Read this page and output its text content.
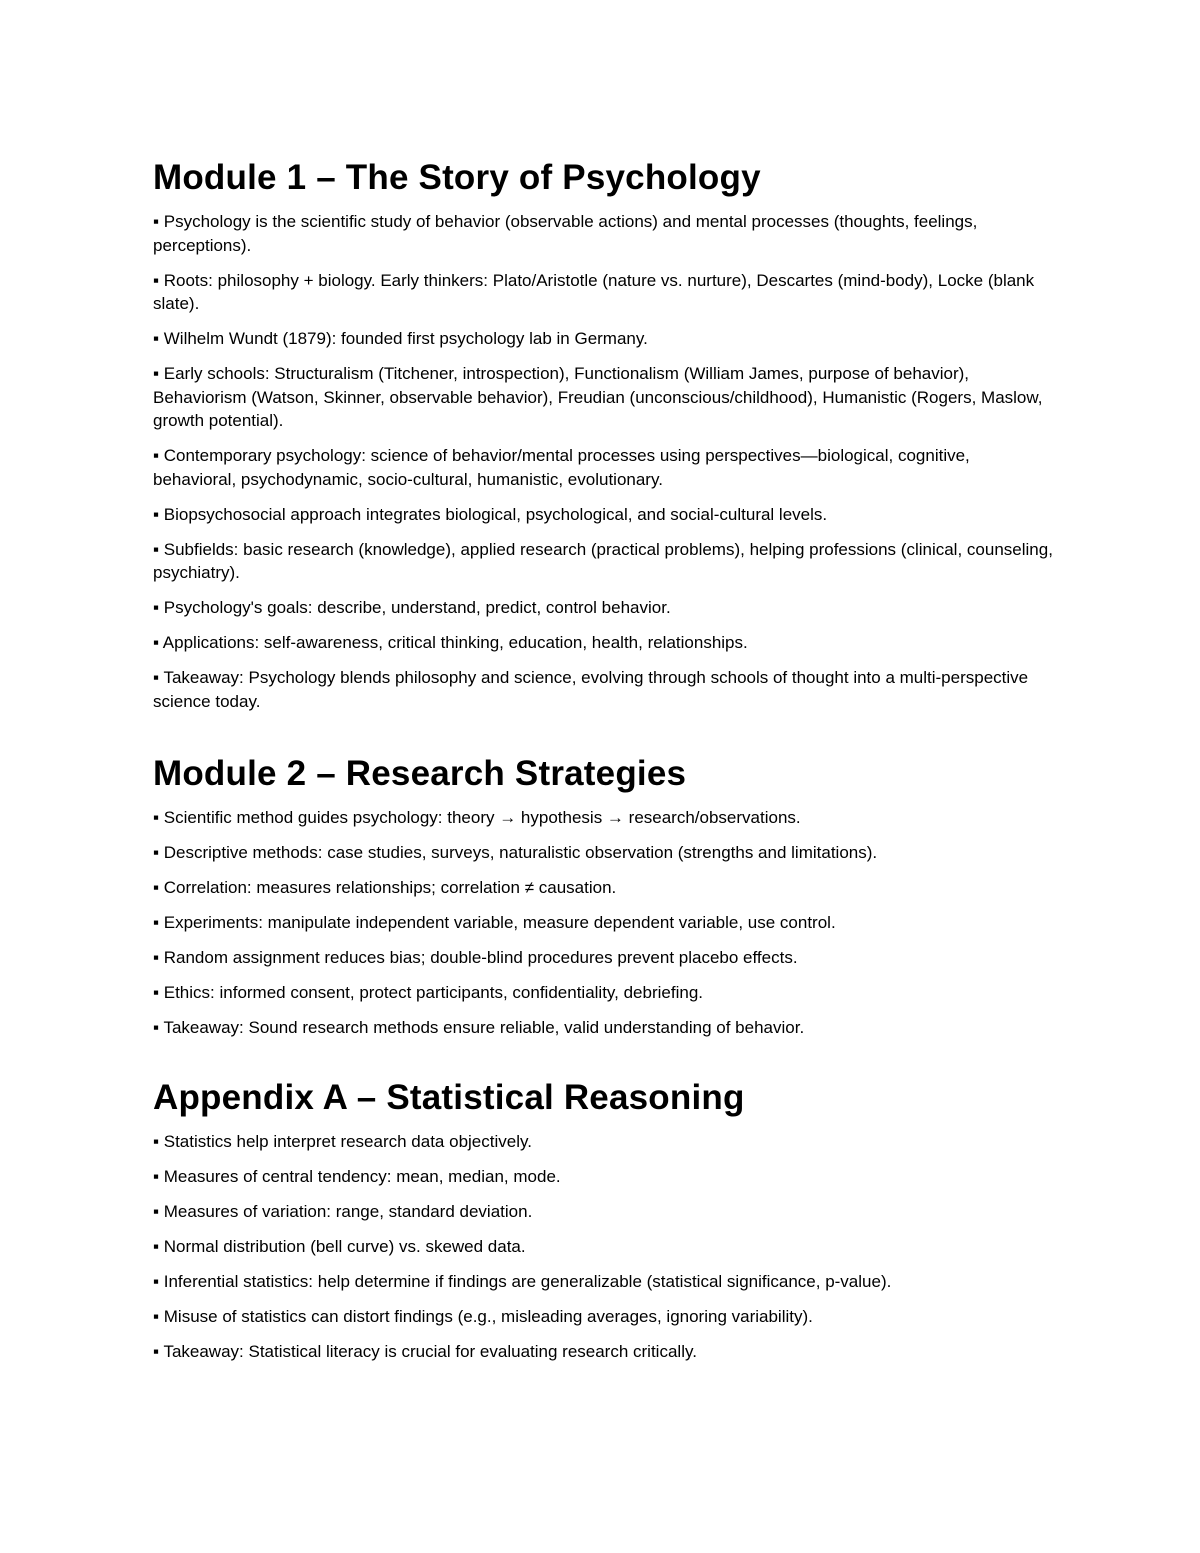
Module 1 – The Story of Psychology
▪ Psychology is the scientific study of behavior (observable actions) and mental processes (thoughts, feelings, perceptions).
▪ Roots: philosophy + biology. Early thinkers: Plato/Aristotle (nature vs. nurture), Descartes (mind-body), Locke (blank slate).
▪ Wilhelm Wundt (1879): founded first psychology lab in Germany.
▪ Early schools: Structuralism (Titchener, introspection), Functionalism (William James, purpose of behavior), Behaviorism (Watson, Skinner, observable behavior), Freudian (unconscious/childhood), Humanistic (Rogers, Maslow, growth potential).
▪ Contemporary psychology: science of behavior/mental processes using perspectives—biological, cognitive, behavioral, psychodynamic, socio-cultural, humanistic, evolutionary.
▪ Biopsychosocial approach integrates biological, psychological, and social-cultural levels.
▪ Subfields: basic research (knowledge), applied research (practical problems), helping professions (clinical, counseling, psychiatry).
▪ Psychology's goals: describe, understand, predict, control behavior.
▪ Applications: self-awareness, critical thinking, education, health, relationships.
▪ Takeaway: Psychology blends philosophy and science, evolving through schools of thought into a multi-perspective science today.
Module 2 – Research Strategies
▪ Scientific method guides psychology: theory → hypothesis → research/observations.
▪ Descriptive methods: case studies, surveys, naturalistic observation (strengths and limitations).
▪ Correlation: measures relationships; correlation ≠ causation.
▪ Experiments: manipulate independent variable, measure dependent variable, use control.
▪ Random assignment reduces bias; double-blind procedures prevent placebo effects.
▪ Ethics: informed consent, protect participants, confidentiality, debriefing.
▪ Takeaway: Sound research methods ensure reliable, valid understanding of behavior.
Appendix A – Statistical Reasoning
▪ Statistics help interpret research data objectively.
▪ Measures of central tendency: mean, median, mode.
▪ Measures of variation: range, standard deviation.
▪ Normal distribution (bell curve) vs. skewed data.
▪ Inferential statistics: help determine if findings are generalizable (statistical significance, p-value).
▪ Misuse of statistics can distort findings (e.g., misleading averages, ignoring variability).
▪ Takeaway: Statistical literacy is crucial for evaluating research critically.
